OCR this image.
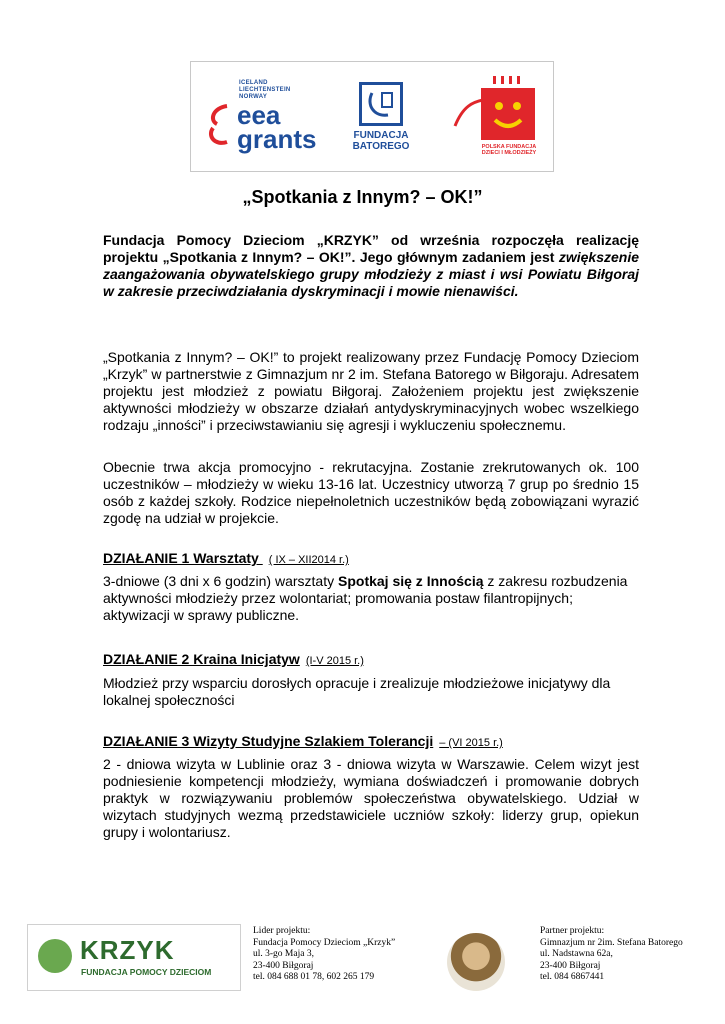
ICELAND
LIECHTENSTEIN
NORWAY
eea
grants	FUNDACJA
BATOREGO	POLSKA FUNDACJA
DZIECI I MŁODZIEŻY
„Spotkania z Innym? – OK!”
Fundacja Pomocy Dzieciom „KRZYK” od września rozpoczęła realizację projektu „Spotkania z Innym? – OK!”. Jego głównym zadaniem jest zwiększenie zaangażowania obywatelskiego grupy młodzieży z miast i wsi Powiatu Biłgoraj w zakresie przeciwdziałania dyskryminacji i mowie nienawiści.
„Spotkania z Innym? – OK!” to projekt realizowany przez Fundację Pomocy Dzieciom „Krzyk” w partnerstwie z Gimnazjum nr 2 im. Stefana Batorego w Biłgoraju. Adresatem projektu jest młodzież z powiatu Biłgoraj. Założeniem projektu jest zwiększenie aktywności młodzieży w obszarze działań antydyskryminacyjnych wobec wszelkiego rodzaju „inności” i przeciwstawianiu się agresji i wykluczeniu społecznemu.
Obecnie trwa akcja promocyjno - rekrutacyjna. Zostanie zrekrutowanych ok. 100 uczestników – młodzieży w wieku 13-16 lat. Uczestnicy utworzą 7 grup po średnio 15 osób z każdej szkoły. Rodzice niepełnoletnich uczestników będą zobowiązani wyrazić zgodę na udział w projekcie.
DZIAŁANIE 1 Warsztaty ( IX – XII2014 r.)
3-dniowe (3 dni x 6 godzin) warsztaty Spotkaj się z Innością z zakresu rozbudzenia aktywności młodzieży przez wolontariat; promowania postaw filantropijnych; aktywizacji w sprawy publiczne.
DZIAŁANIE 2 Kraina Inicjatyw (I-V 2015 r.)
Młodzież przy wsparciu dorosłych opracuje i zrealizuje młodzieżowe inicjatywy dla lokalnej społeczności
DZIAŁANIE 3 Wizyty Studyjne Szlakiem Tolerancji – (VI 2015 r.)
2 - dniowa wizyta w Lublinie oraz 3 - dniowa wizyta w Warszawie. Celem wizyt jest podniesienie kompetencji młodzieży, wymiana doświadczeń i promowanie dobrych praktyk w rozwiązywaniu problemów społeczeństwa obywatelskiego. Udział w wizytach studyjnych wezmą przedstawiciele uczniów szkoły: liderzy grup, opiekun grupy i wolontariusz.
KRZYK
FUNDACJA POMOCY DZIECIOM
Lider projektu:
Fundacja Pomocy Dzieciom „Krzyk”
ul. 3-go Maja 3,
23-400 Biłgoraj
tel. 084 688 01 78, 602 265 179
Partner projektu:
Gimnazjum nr 2im. Stefana Batorego
ul. Nadstawna 62a,
23-400 Biłgoraj
tel. 084 6867441
